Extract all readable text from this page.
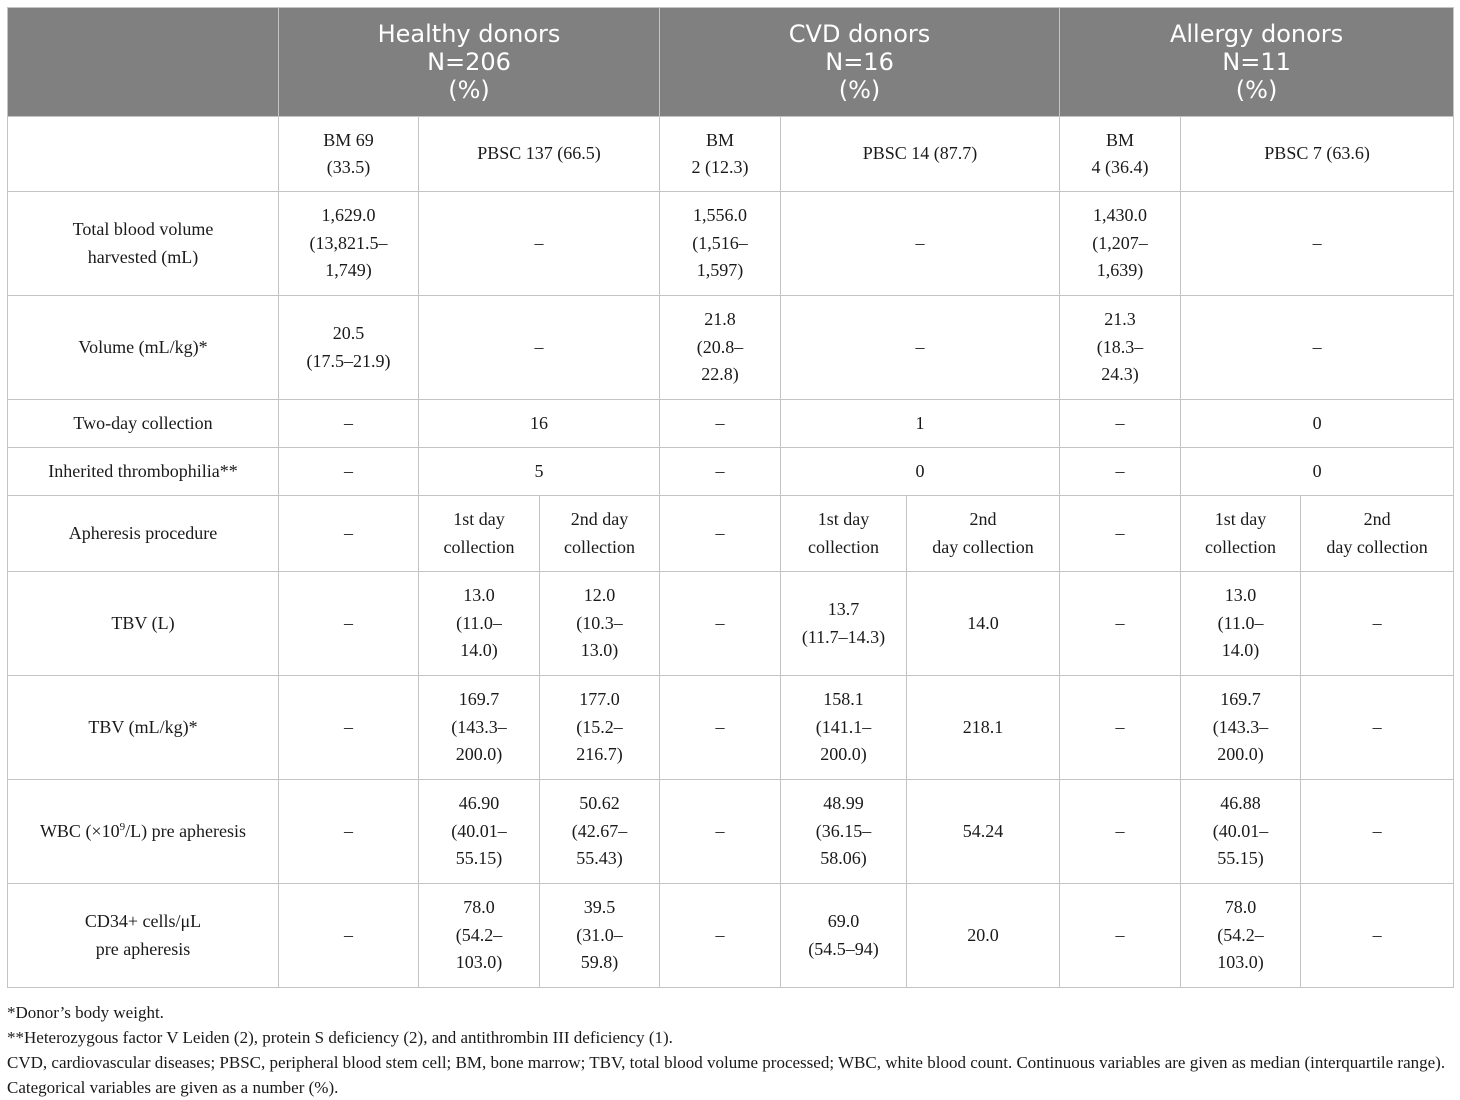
	Healthy donors
N=206
(%)			CVD donors
N=16
(%)			Allergy donors
N=11
(%)		

	BM 69
(33.5)	PBSC 137 (66.5)		BM
2 (12.3)	PBSC 14 (87.7)		BM
4 (36.4)	PBSC 7 (63.6)	

Total blood volume
harvested (mL)	1,629.0
(13,821.5–
1,749)	–		1,556.0
(1,516–
1,597)	–		1,430.0
(1,207–
1,639)	–	
Volume (mL/kg)*	20.5
(17.5–21.9)	–		21.8
(20.8–
22.8)	–		21.3
(18.3–
24.3)	–	
Two-day collection	–	16		–	1		–	0	
Inherited thrombophilia**	–	5		–	0		–	0	
Apheresis procedure	–	1st day
collection	2nd day
collection	–	1st day
collection	2nd
day collection	–	1st day
collection	2nd
day collection

TBV (L)	–	13.0
(11.0–
14.0)	12.0
(10.3–
13.0)	–	13.7
(11.7–14.3)	14.0	–	13.0
(11.0–
14.0)	–
TBV (mL/kg)*	–	169.7
(143.3–
200.0)	177.0
(15.2–
216.7)	–	158.1
(141.1–
200.0)	218.1	–	169.7
(143.3–
200.0)	–
WBC $(\times 10^9/L)$ pre apheresis	–	46.90
(40.01–
55.15)	50.62
(42.67–
55.43)	–	48.99
(36.15–
58.06)	54.24	–	46.88
(40.01–
55.15)	–

CD34+ cells/μL
pre apheresis	–	78.0
(54.2–
103.0)	39.5
(31.0–
59.8)	–	69.0
(54.5–94)	20.0	–	78.0
(54.2–
103.0)	–

*Donor’s body weight.

**Heterozygous factor V Leiden (2), protein S deficiency (2), and antithrombin III deficiency (1).

CVD, cardiovascular diseases; PBSC, peripheral blood stem cell; BM, bone marrow; TBV, total blood volume processed; WBC, white blood count. Continuous variables are given as median (interquartile range). Categorical variables are given as a number (%).
